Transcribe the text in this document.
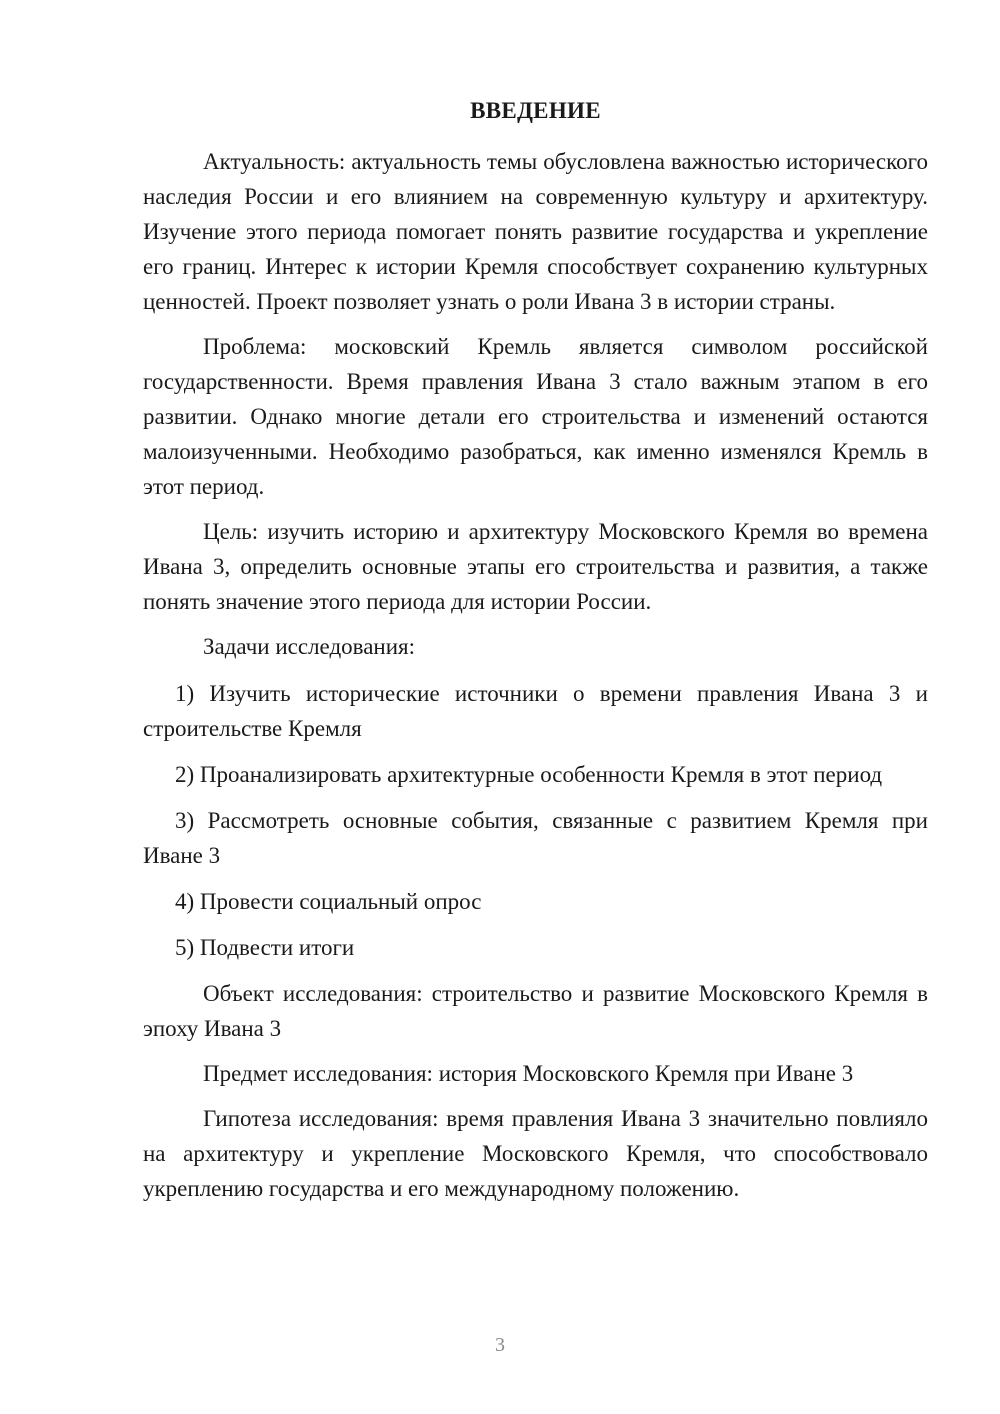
ВВЕДЕНИЕ

Актуальность: актуальность темы обусловлена важностью исторического наследия России и его влиянием на современную культуру и архитектуру. Изучение этого периода помогает понять развитие государства и укрепление его границ. Интерес к истории Кремля способствует сохранению культурных ценностей. Проект позволяет узнать о роли Ивана 3 в истории страны.

Проблема: московский Кремль является символом российской государственности. Время правления Ивана 3 стало важным этапом в его развитии. Однако многие детали его строительства и изменений остаются малоизученными. Необходимо разобраться, как именно изменялся Кремль в этот период.

Цель: изучить историю и архитектуру Московского Кремля во времена Ивана 3, определить основные этапы его строительства и развития, а также понять значение этого периода для истории России.

Задачи исследования:

1) Изучить исторические источники о времени правления Ивана 3 и строительстве Кремля

2) Проанализировать архитектурные особенности Кремля в этот период

3) Рассмотреть основные события, связанные с развитием Кремля при Иване 3

4) Провести социальный опрос

5) Подвести итоги

Объект исследования: строительство и развитие Московского Кремля в эпоху Ивана 3

Предмет исследования: история Московского Кремля при Иване 3

Гипотеза исследования: время правления Ивана 3 значительно повлияло на архитектуру и укрепление Московского Кремля, что способствовало укреплению государства и его международному положению.

3
